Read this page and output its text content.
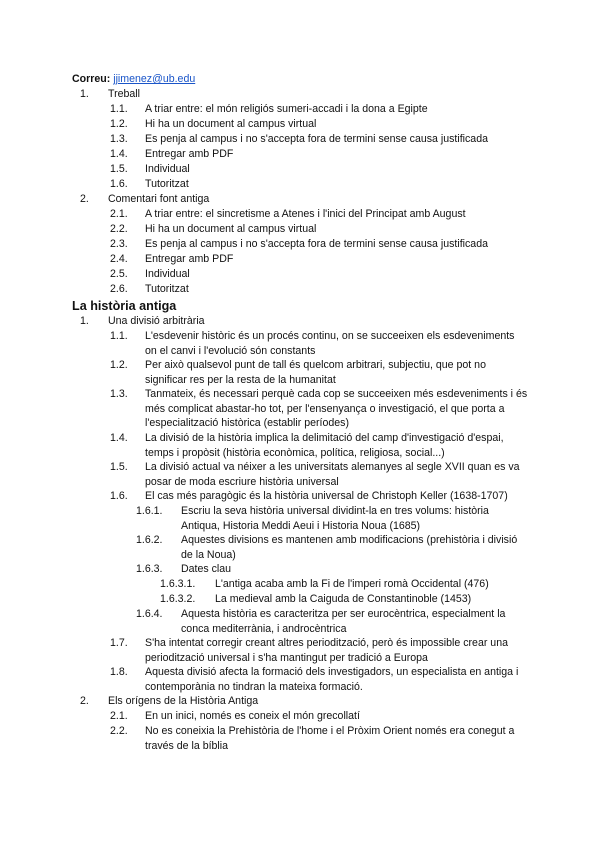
Correu: jjimenez@ub.edu
1. Treball
1.1. A triar entre: el món religiós sumeri-accadi i la dona a Egipte
1.2. Hi ha un document al campus virtual
1.3. Es penja al campus i no s'accepta fora de termini sense causa justificada
1.4. Entregar amb PDF
1.5. Individual
1.6. Tutoritzat
2. Comentari font antiga
2.1. A triar entre: el sincretisme a Atenes i l'inici del Principat amb August
2.2. Hi ha un document al campus virtual
2.3. Es penja al campus i no s'accepta fora de termini sense causa justificada
2.4. Entregar amb PDF
2.5. Individual
2.6. Tutoritzat
La història antiga
1. Una divisió arbitrària
1.1. L'esdevenir històric és un procés continu, on se succeeixen els esdeveniments on el canvi i l'evolució són constants
1.2. Per això qualsevol punt de tall és quelcom arbitrari, subjectiu, que pot no significar res per la resta de la humanitat
1.3. Tanmateix, és necessari perquè cada cop se succeeixen més esdeveniments i és més complicat abastar-ho tot, per l'ensenyança o investigació, el que porta a l'especialització històrica (establir períodes)
1.4. La divisió de la història implica la delimitació del camp d'investigació d'espai, temps i propòsit (història econòmica, política, religiosa, social...)
1.5. La divisió actual va néixer a les universitats alemanyes al segle XVII quan es va posar de moda escriure història universal
1.6. El cas més paragògic és la història universal de Christoph Keller (1638-1707)
1.6.1. Escriu la seva història universal dividint-la en tres volums: història Antiqua, Historia Meddi Aeui i Historia Noua (1685)
1.6.2. Aquestes divisions es mantenen amb modificacions (prehistòria i divisió de la Noua)
1.6.3. Dates clau
1.6.3.1. L'antiga acaba amb la Fi de l'imperi romà Occidental (476)
1.6.3.2. La medieval amb la Caiguda de Constantinoble (1453)
1.6.4. Aquesta història es caracteritza per ser eurocèntrica, especialment la conca mediterrània, i androcèntrica
1.7. S'ha intentat corregir creant altres periodització, però és impossible crear una periodització universal i s'ha mantingut per tradició a Europa
1.8. Aquesta divisió afecta la formació dels investigadors, un especialista en antiga i contemporània no tindran la mateixa formació.
2. Els orígens de la Història Antiga
2.1. En un inici, només es coneix el món grecollatí
2.2. No es coneixia la Prehistòria de l'home i el Pròxim Orient només era conegut a través de la bíblia
